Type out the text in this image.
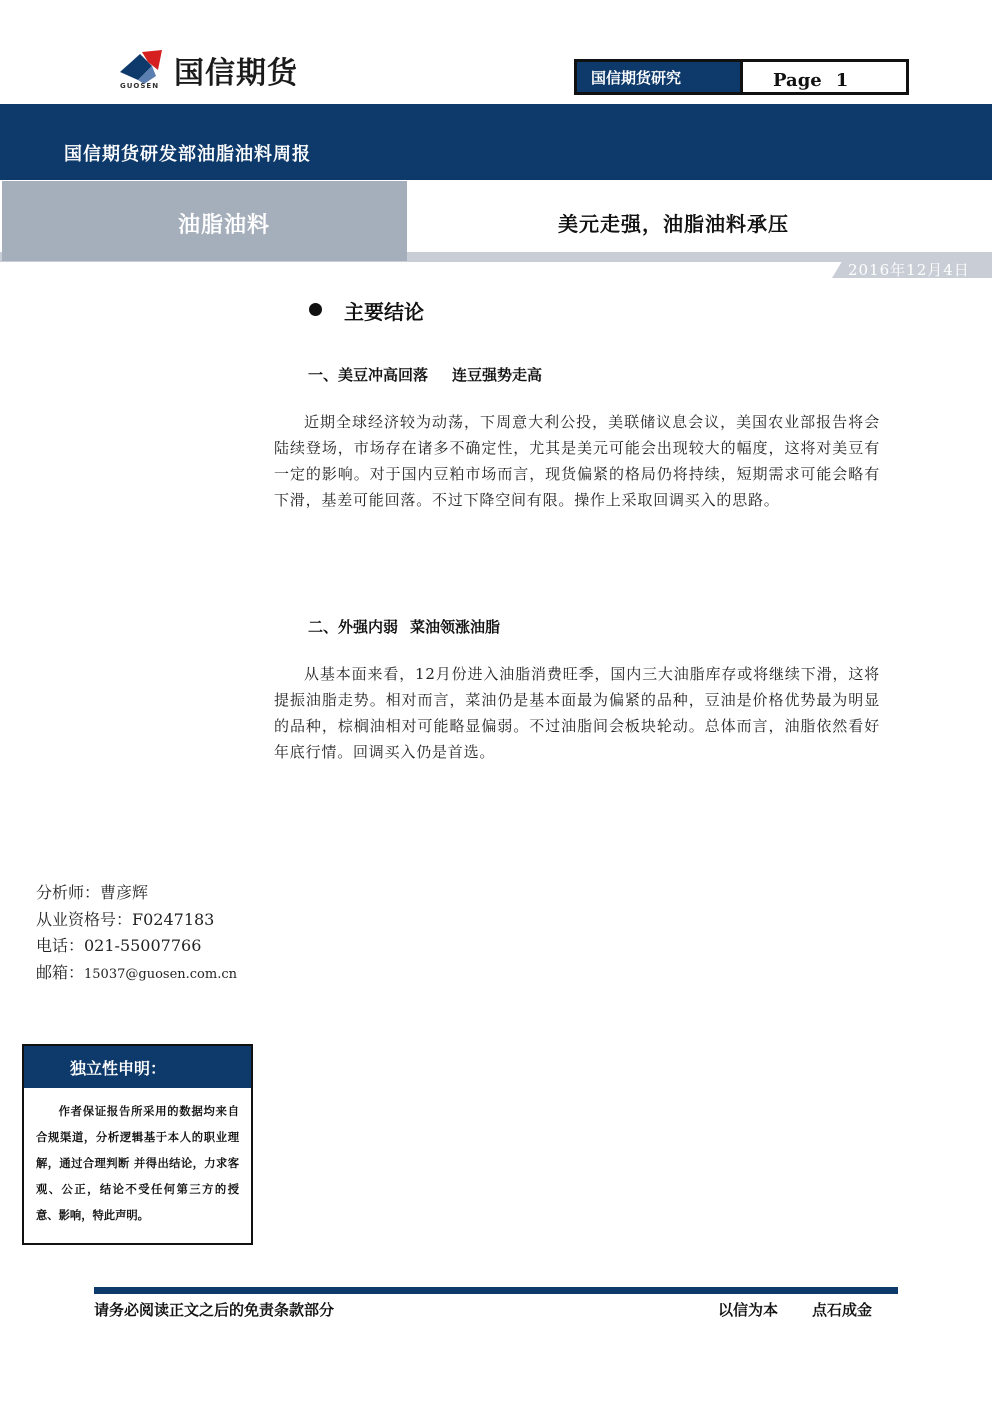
国信期货
GUOSEN	国信期货研究	Page 1
国信期货研发部油脂油料周报
油脂油料	美元走强，油脂油料承压
2016年12月4日
主要结论
一、美豆冲高回落 连豆强势走高

近期全球经济较为动荡，下周意大利公投，美联储议息会议，美国农业部报告将会陆续登场，市场存在诸多不确定性，尤其是美元可能会出现较大的幅度，这将对美豆有一定的影响。对于国内豆粕市场而言，现货偏紧的格局仍将持续，短期需求可能会略有下滑，基差可能回落。不过下降空间有限。操作上采取回调买入的思路。

二、外强内弱 菜油领涨油脂

从基本面来看，12月份进入油脂消费旺季，国内三大油脂库存或将继续下滑，这将提振油脂走势。相对而言，菜油仍是基本面最为偏紧的品种，豆油是价格优势最为明显的品种，棕榈油相对可能略显偏弱。不过油脂间会板块轮动。总体而言，油脂依然看好年底行情。回调买入仍是首选。

分析师：曹彦辉
从业资格号：F0247183
电话：021-55007766
邮箱：15037@guosen.com.cn
独立性申明：

作者保证报告所采用的数据均来自合规渠道，分析逻辑基于本人的职业理解，通过合理判断 并得出结论，力求客观、公正，结论不受任何第三方的授意、影响，特此声明。

请务必阅读正文之后的免责条款部分	以信为本 点石成金
